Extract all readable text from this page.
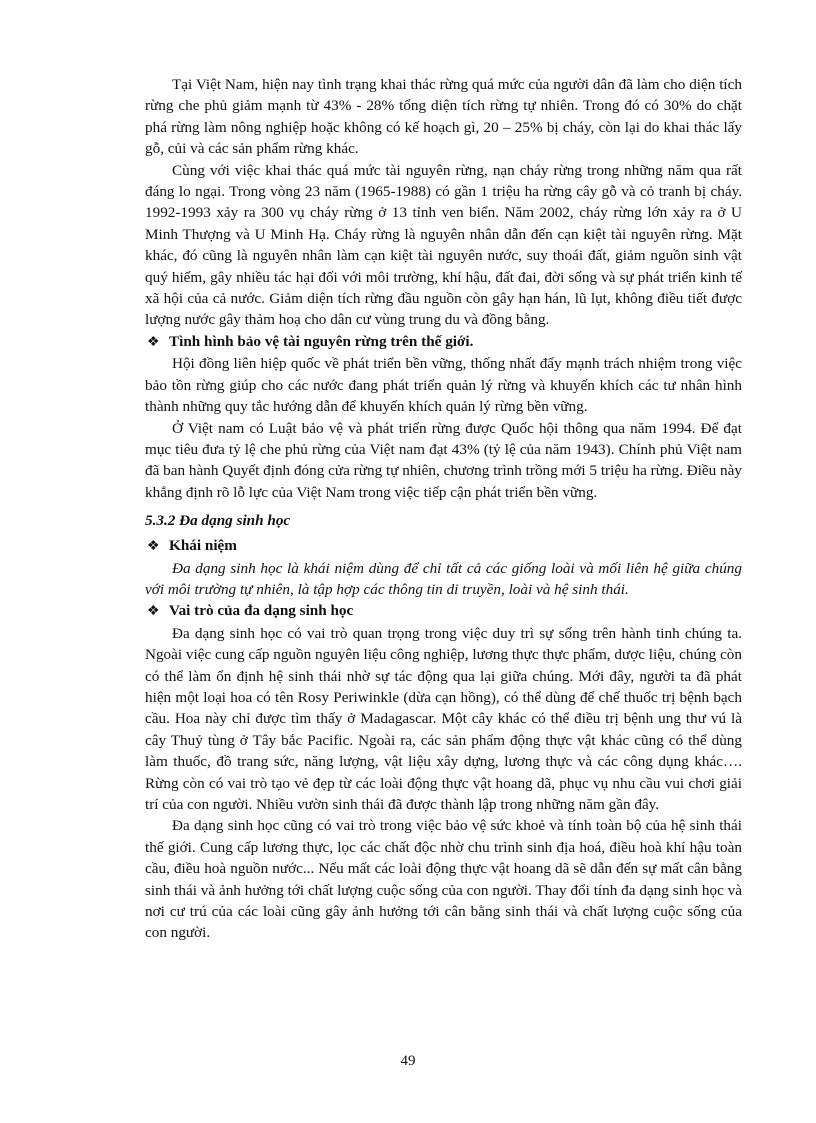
Tại Việt Nam, hiện nay tình trạng khai thác rừng quá mức của người dân đã làm cho diện tích rừng che phủ giảm mạnh từ 43% - 28% tổng diện tích rừng tự nhiên. Trong đó có 30% do chặt phá rừng làm nông nghiệp hoặc không có kế hoạch gì, 20 – 25% bị cháy, còn lại do khai thác lấy gỗ, củi và các sản phẩm rừng khác.

Cùng với việc khai thác quá mức tài nguyên rừng, nạn cháy rừng trong những năm qua rất đáng lo ngại. Trong vòng 23 năm (1965-1988) có gần 1 triệu ha rừng cây gỗ và cỏ tranh bị cháy. 1992-1993 xảy ra 300 vụ cháy rừng ở 13 tỉnh ven biển. Năm 2002, cháy rừng lớn xảy ra ở U Minh Thượng và U Minh Hạ. Cháy rừng là nguyên nhân dẫn đến cạn kiệt tài nguyên rừng. Mặt khác, đó cũng là nguyên nhân làm cạn kiệt tài nguyên nước, suy thoái đất, giảm nguồn sinh vật quý hiếm, gây nhiều tác hại đối với môi trường, khí hậu, đất đai, đời sống và sự phát triển kinh tế xã hội của cả nước. Giảm diện tích rừng đầu nguồn còn gây hạn hán, lũ lụt, không điều tiết được lượng nước gây thảm hoạ cho dân cư vùng trung du và đồng bằng.

❖ Tình hình bảo vệ tài nguyên rừng trên thế giới.

Hội đồng liên hiệp quốc về phát triển bền vững, thống nhất đẩy mạnh trách nhiệm trong việc bảo tồn rừng giúp cho các nước đang phát triển quản lý rừng và khuyến khích các tư nhân hình thành những quy tắc hướng dẫn để khuyến khích quản lý rừng bền vững.

Ở Việt nam có Luật bảo vệ và phát triển rừng được Quốc hội thông qua năm 1994. Để đạt mục tiêu đưa tỷ lệ che phủ rừng của Việt nam đạt 43% (tỷ lệ của năm 1943). Chính phủ Việt nam đã ban hành Quyết định đóng cửa rừng tự nhiên, chương trình trồng mới 5 triệu ha rừng. Điều này khẳng định rõ lỗ lực của Việt Nam trong việc tiếp cận phát triển bền vững.

5.3.2 Đa dạng sinh học
❖ Khái niệm

Đa dạng sinh học là khái niệm dùng để chỉ tất cả các giống loài và mối liên hệ giữa chúng với môi trường tự nhiên, là tập hợp các thông tin di truyền, loài và hệ sinh thái.

❖ Vai trò của đa dạng sinh học

Đa dạng sinh học có vai trò quan trọng trong việc duy trì sự sống trên hành tinh chúng ta. Ngoài việc cung cấp nguồn nguyên liệu công nghiệp, lương thực thực phẩm, dược liệu, chúng còn có thể làm ổn định hệ sinh thái nhờ sự tác động qua lại giữa chúng. Mới đây, người ta đã phát hiện một loại hoa có tên Rosy Periwinkle (dừa cạn hồng), có thể dùng để chế thuốc trị bệnh bạch cầu. Hoa này chỉ được tìm thấy ở Madagascar. Một cây khác có thể điều trị bệnh ung thư vú là cây Thuỷ tùng ở Tây bắc Pacific. Ngoài ra, các sản phẩm động thực vật khác cũng có thể dùng làm thuốc, đồ trang sức, năng lượng, vật liệu xây dựng, lương thực và các công dụng khác…. Rừng còn có vai trò tạo vẻ đẹp từ các loài động thực vật hoang dã, phục vụ nhu cầu vui chơi giải trí của con người. Nhiều vườn sinh thái đã được thành lập trong những năm gần đây.

Đa dạng sinh học cũng có vai trò trong việc bảo vệ sức khoẻ và tính toàn bộ của hệ sinh thái thế giới. Cung cấp lương thực, lọc các chất độc nhờ chu trình sinh địa hoá, điều hoà khí hậu toàn cầu, điều hoà nguồn nước... Nếu mất các loài động thực vật hoang dã sẽ dẫn đến sự mất cân bằng sinh thái và ảnh hưởng tới chất lượng cuộc sống của con người. Thay đổi tính đa dạng sinh học và nơi cư trú của các loài cũng gây ảnh hưởng tới cân bằng sinh thái và chất lượng cuộc sống của con người.

49
